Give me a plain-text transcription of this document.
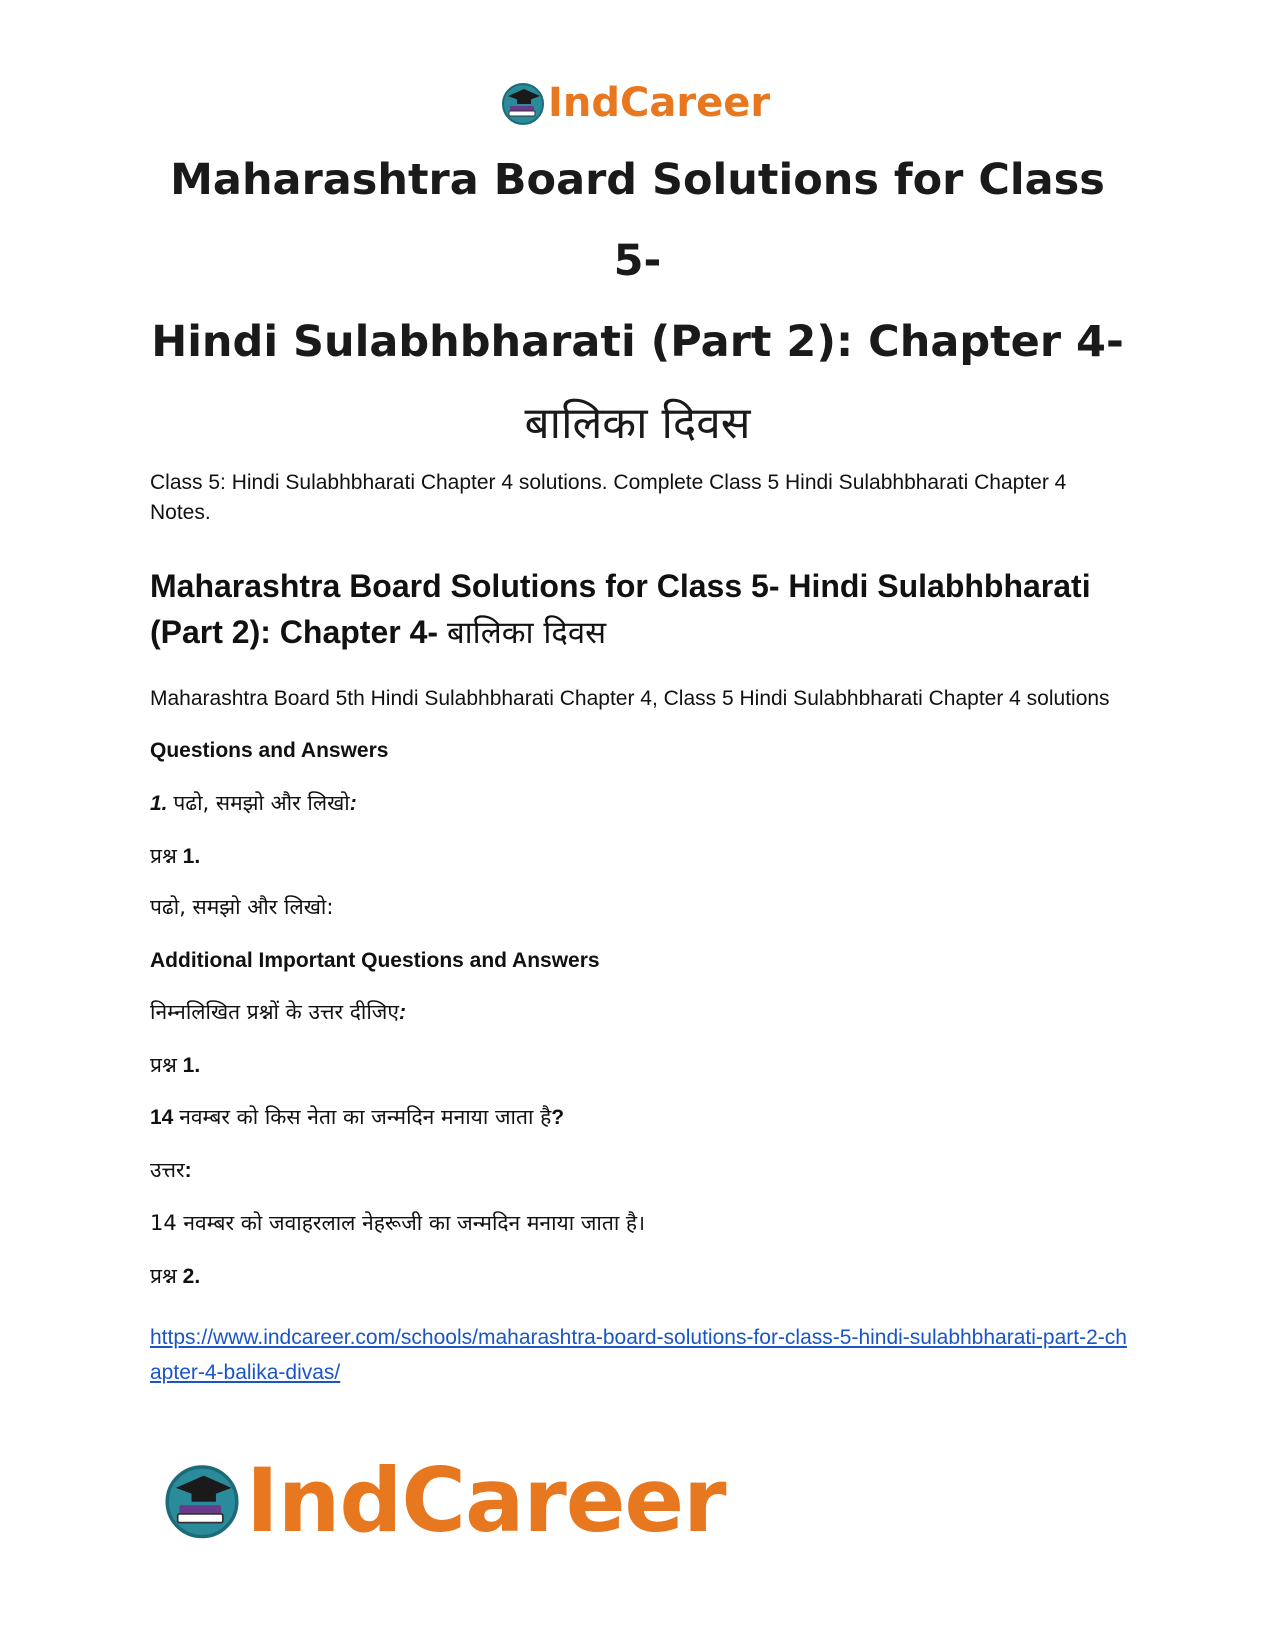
IndCareer
Maharashtra Board Solutions for Class 5-
Hindi Sulabhbharati (Part 2): Chapter 4-
बालिका दिवस
Class 5: Hindi Sulabhbharati Chapter 4 solutions. Complete Class 5 Hindi Sulabhbharati Chapter 4 Notes.
Maharashtra Board Solutions for Class 5- Hindi Sulabhbharati (Part 2): Chapter 4- बालिका दिवस
Maharashtra Board 5th Hindi Sulabhbharati Chapter 4, Class 5 Hindi Sulabhbharati Chapter 4 solutions
Questions and Answers
1. पढो, समझो और लिखो:
प्रश्न 1.
पढो, समझो और लिखो:
Additional Important Questions and Answers
निम्नलिखित प्रश्नों के उत्तर दीजिए:
प्रश्न 1.
14 नवम्बर को किस नेता का जन्मदिन मनाया जाता है?
उत्तर:
14 नवम्बर को जवाहरलाल नेहरूजी का जन्मदिन मनाया जाता है।
प्रश्न 2.
https://www.indcareer.com/schools/maharashtra-board-solutions-for-class-5-hindi-sulabhbharati-part-2-chapter-4-balika-divas/
IndCareer
